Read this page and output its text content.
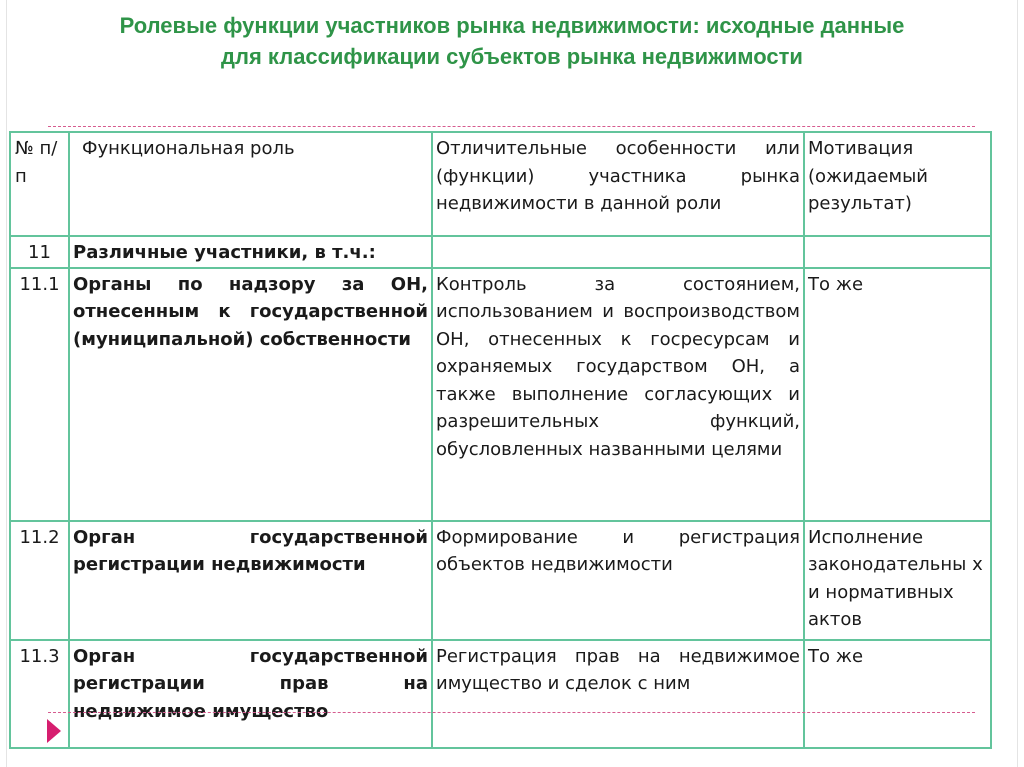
Ролевые функции участников рынка недвижимости: исходные данные
для классификации субъектов рынка недвижимости
№ п/п	Функциональная роль	Отличительные особенности или (функции) участника рынка недвижимости в данной роли	Мотивация (ожидаемый результат)
11	Различные участники, в т.ч.:		
11.1	Органы по надзору за ОН, отнесенным к государственной (муниципальной) собственности	Контроль за состоянием, использованием и воспроизводством ОН, отнесенных к госресурсам и охраняемых государством ОН, а также выполнение согласующих и разрешительных функций, обусловленных названными целями	То же
11.2	Орган государственной регистрации недвижимости	Формирование и регистрация объектов недвижимости	Исполнение законодательны х и нормативных актов
11.3	Орган государственной регистрации прав на недвижимое имущество	Регистрация прав на недвижимое имущество и сделок с ним	То же
